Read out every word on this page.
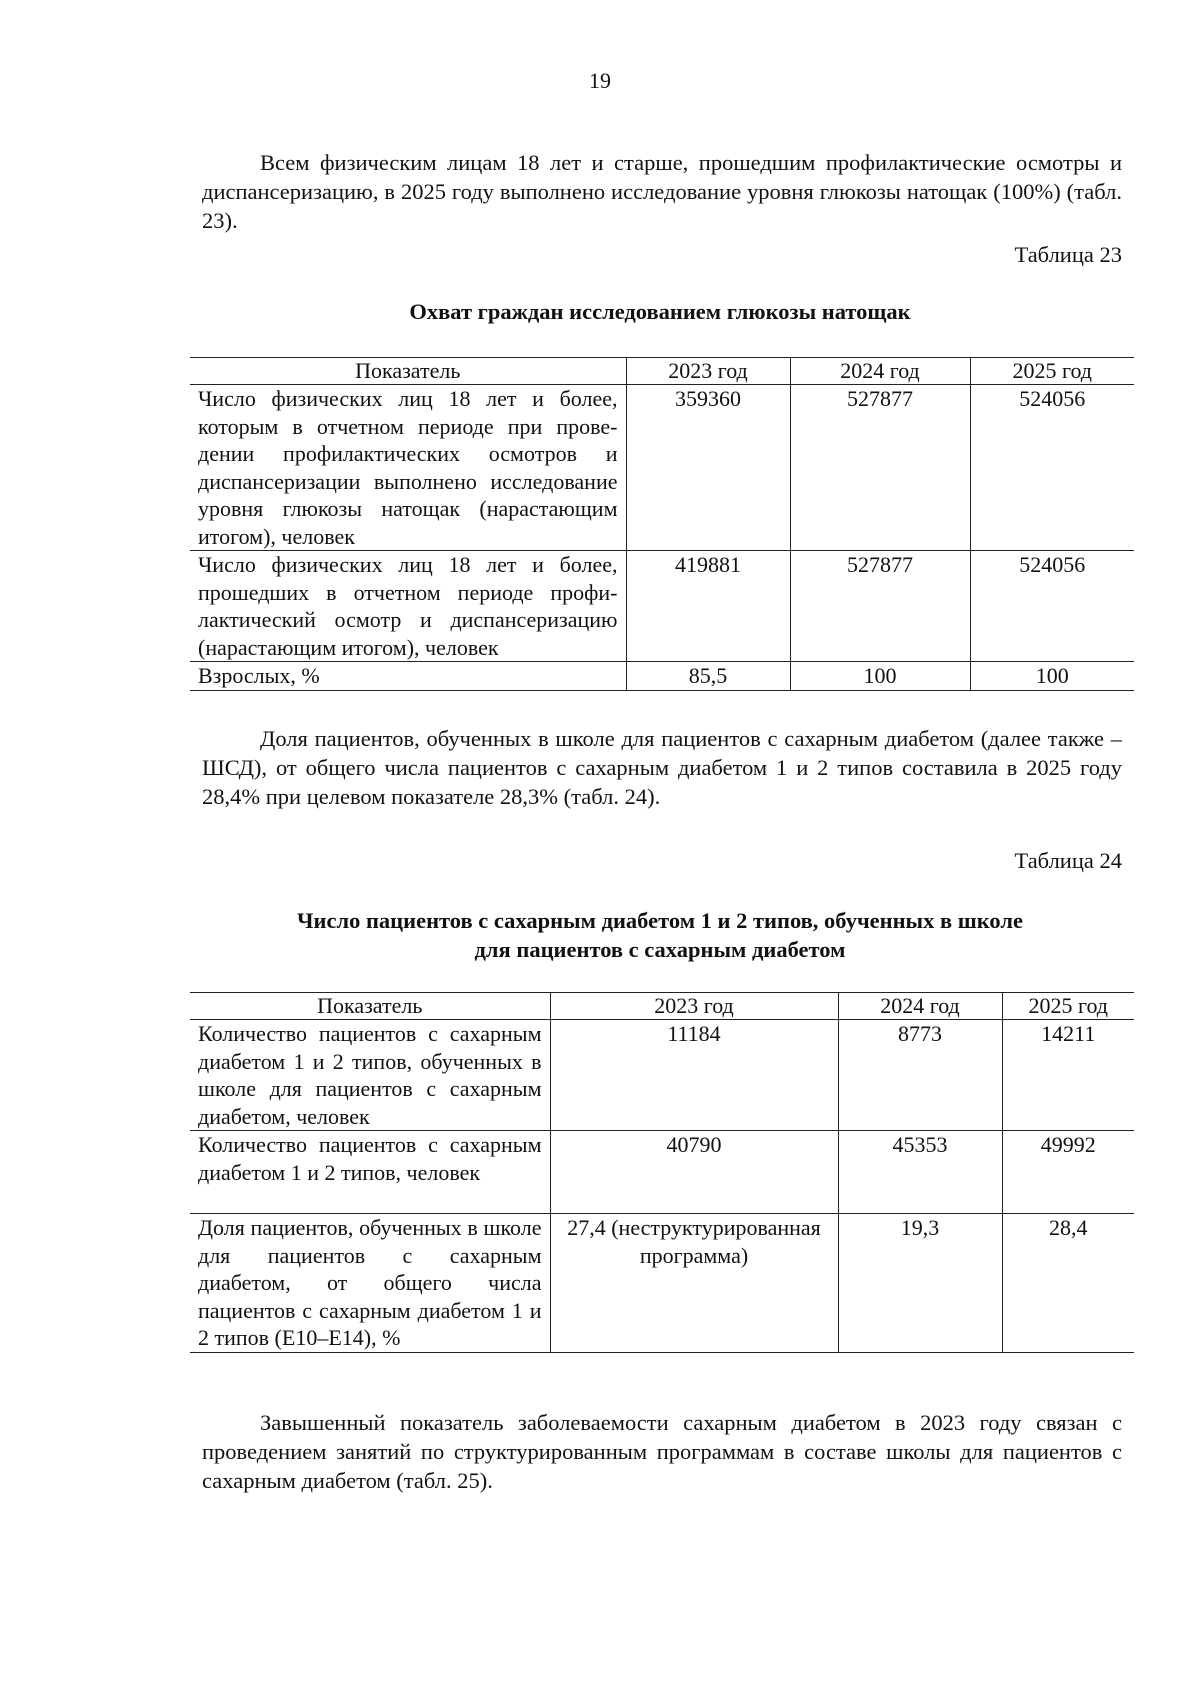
19

Всем физическим лицам 18 лет и старше, прошедшим профилактические осмотры и диспансеризацию, в 2025 году выполнено исследование уровня глюкозы натощак (100%) (табл. 23).

Таблица 23

Охват граждан исследованием глюкозы натощак

Показатель	2023 год	2024 год	2025 год
Число физических лиц 18 лет и более, которым в отчетном периоде при проведении профилактических осмотров и диспансеризации выполнено исследование уровня глюкозы натощак (нарастающим итогом), человек	359360	527877	524056
Число физических лиц 18 лет и более, прошедших в отчетном периоде профилактический осмотр и диспансеризацию (нарастающим итогом), человек	419881	527877	524056
Взрослых, %	85,5	100	100

Доля пациентов, обученных в школе для пациентов с сахарным диабетом (далее также – ШСД), от общего числа пациентов с сахарным диабетом 1 и 2 типов составила в 2025 году 28,4% при целевом показателе 28,3% (табл. 24).

Таблица 24

Число пациентов с сахарным диабетом 1 и 2 типов, обученных в школе
для пациентов с сахарным диабетом

Показатель	2023 год	2024 год	2025 год
Количество пациентов с сахарным диабетом 1 и 2 типов, обученных в школе для пациентов с сахарным диабетом, человек	11184	8773	14211
Количество пациентов с сахарным диабетом 1 и 2 типов, человек	40790	45353	49992
Доля пациентов, обученных в школе для пациентов с сахарным диабетом, от общего числа пациентов с сахарным диабетом 1 и 2 типов (E10–E14), %	27,4 (неструктурированная программа)	19,3	28,4

Завышенный показатель заболеваемости сахарным диабетом в 2023 году связан с проведением занятий по структурированным программам в составе школы для пациентов с сахарным диабетом (табл. 25).
